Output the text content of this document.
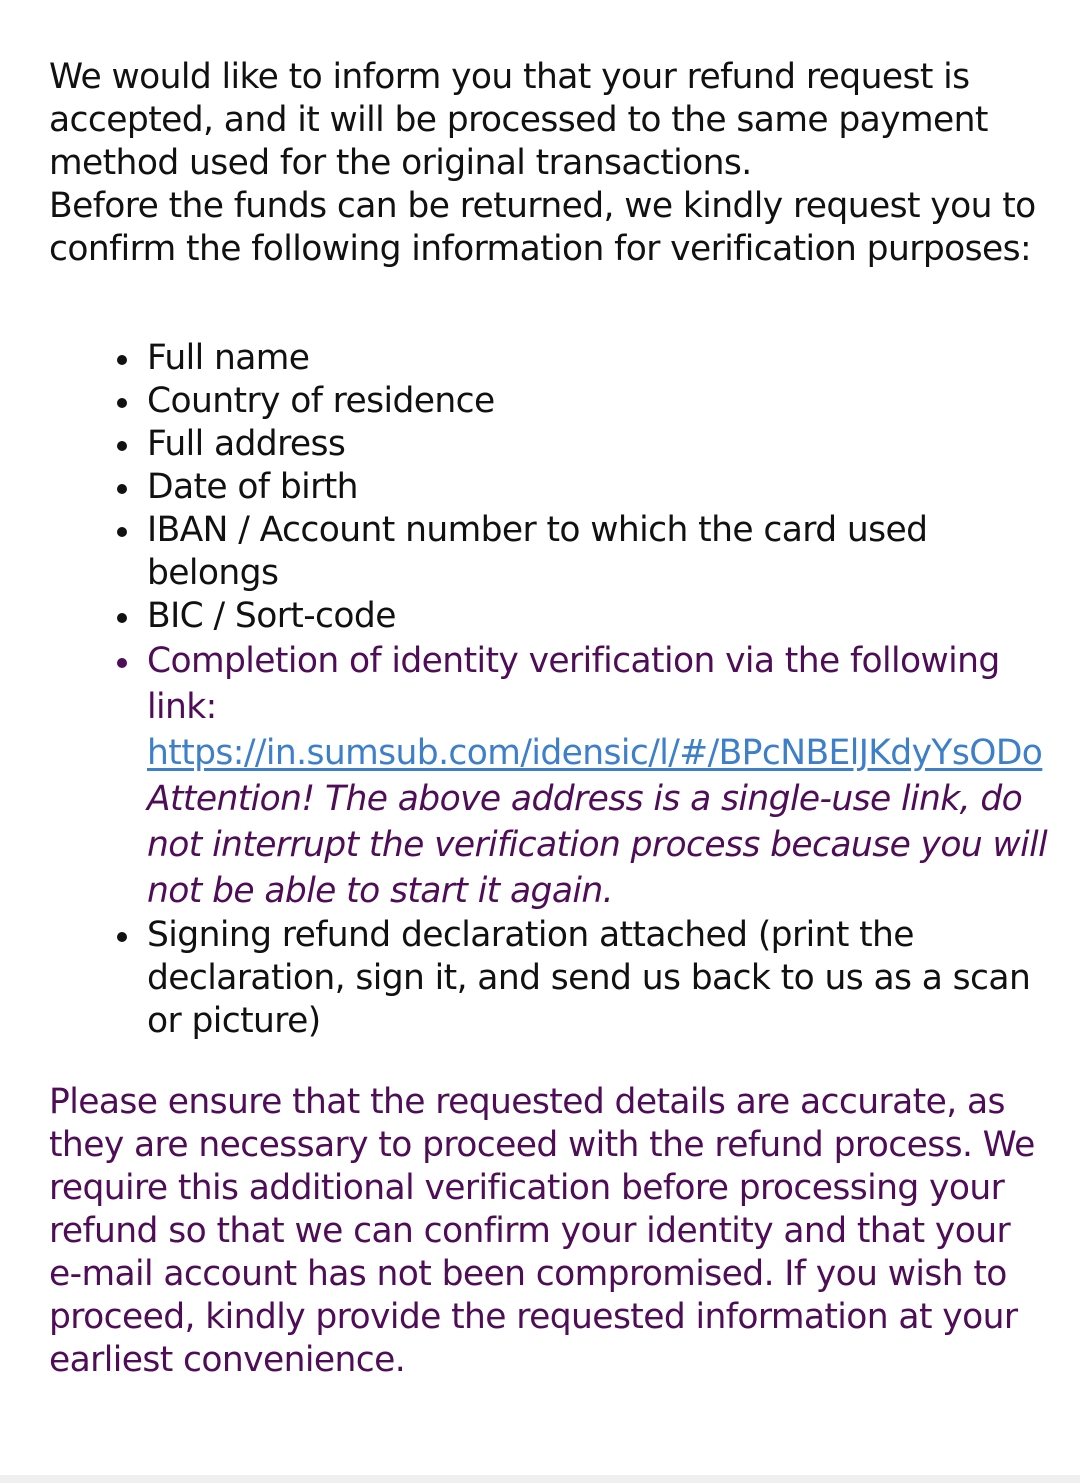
We would like to inform you that your refund request is accepted, and it will be processed to the same payment method used for the original transactions.

Before the funds can be returned, we kindly request you to confirm the following information for verification purposes:

Full name
Country of residence
Full address
Date of birth
IBAN / Account number to which the card used belongs
BIC / Sort-code
Completion of identity verification via the following link:  https://in.sumsub.com/idensic/l/#/BPcNBElJKdyYsODo
Attention! The above address is a single-use link, do not interrupt the verification process because you will not be able to start it again.
Signing refund declaration attached (print the declaration, sign it, and send us back to us as a scan or picture)

Please ensure that the requested details are accurate, as they are necessary to proceed with the refund process. We require this additional verification before processing your refund so that we can confirm your identity and that your e-mail account has not been compromised. If you wish to proceed, kindly provide the requested information at your earliest convenience.
